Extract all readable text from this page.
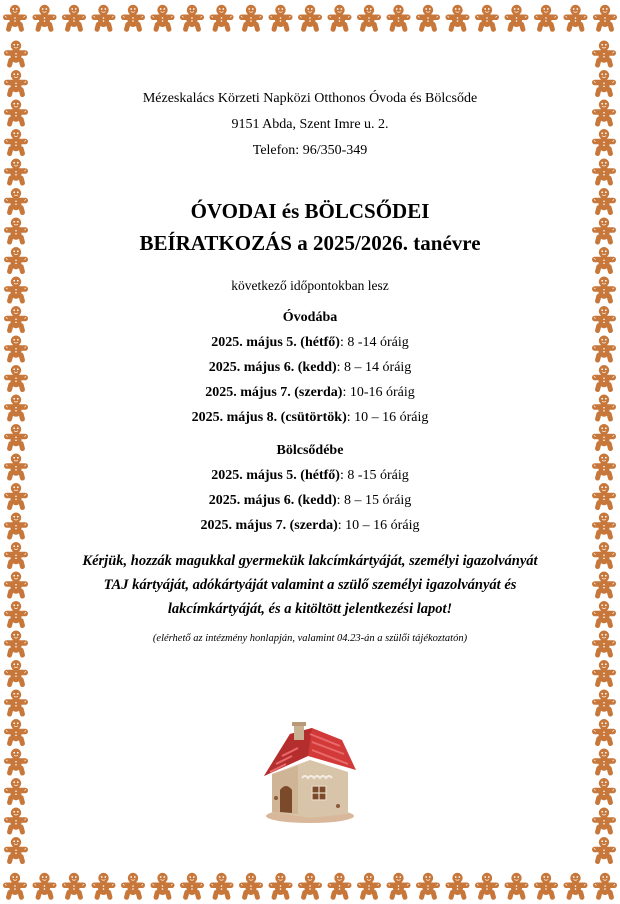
Mézeskalács Körzeti Napközi Otthonos Óvoda és Bölcsőde
9151 Abda, Szent Imre u. 2.
Telefon: 96/350-349
ÓVODAI és BÖLCSŐDEI
BEÍRATKOZÁS a 2025/2026. tanévre
következő időpontokban lesz
Óvodába
2025. május 5. (hétfő): 8 -14 óráig
2025. május 6. (kedd): 8 – 14 óráig
2025. május 7. (szerda): 10-16 óráig
2025. május 8. (csütörtök): 10 – 16 óráig
Bölcsődébe
2025. május 5. (hétfő): 8 -15 óráig
2025. május 6. (kedd): 8 – 15 óráig
2025. május 7. (szerda): 10 – 16 óráig
Kérjük, hozzák magukkal gyermekük lakcímkártyáját, személyi igazolványát
TAJ kártyáját, adókártyáját valamint a szülő személyi igazolványát és
lakcímkártyáját, és a kitöltött jelentkezési lapot!
(elérhető az intézmény honlapján, valamint 04.23-án a szülői tájékoztatón)
